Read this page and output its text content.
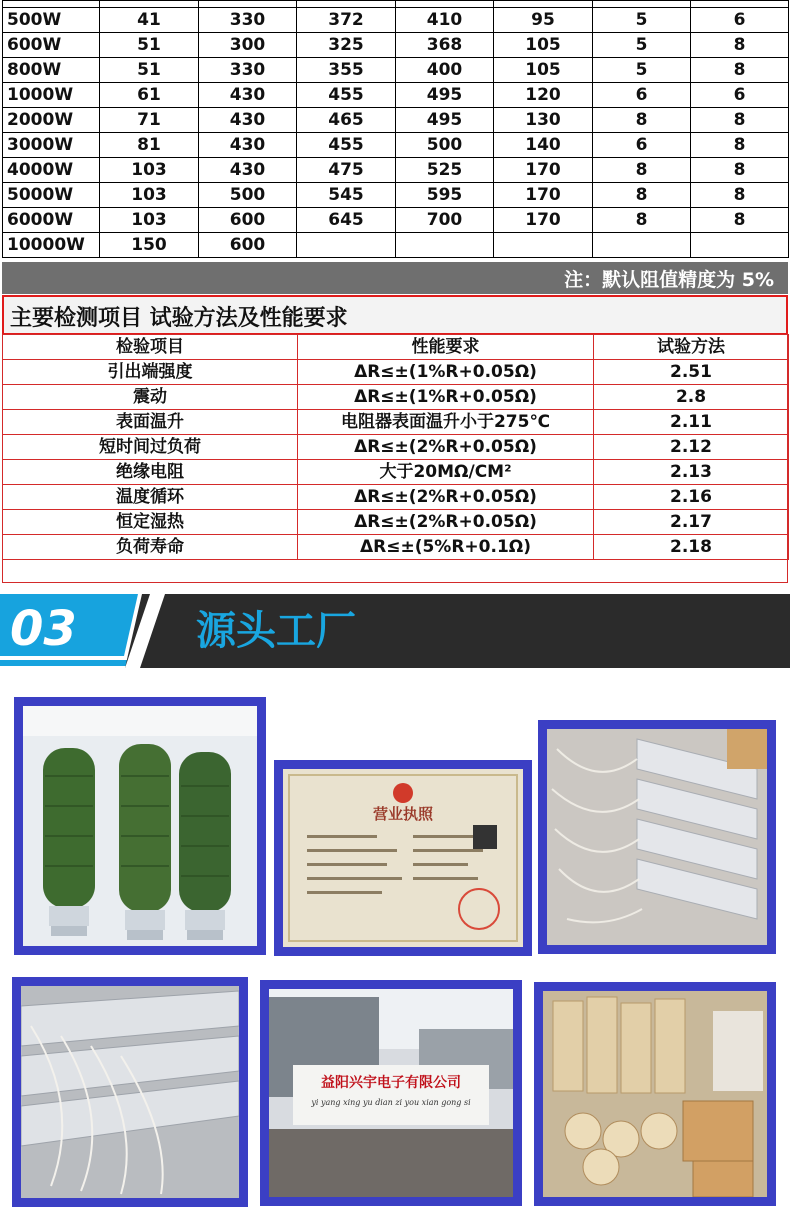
500W	41	330	372	410	95	5	6
600W	51	300	325	368	105	5	8
800W	51	330	355	400	105	5	8
1000W	61	430	455	495	120	6	6
2000W	71	430	465	495	130	8	8
3000W	81	430	455	500	140	6	8
4000W	103	430	475	525	170	8	8
5000W	103	500	545	595	170	8	8
6000W	103	600	645	700	170	8	8
10000W	150	600					
注：默认阻值精度为 5%
主要检测项目 试验方法及性能要求
检验项目	性能要求	试验方法
引出端强度	ΔR≤±(1%R+0.05Ω)	2.51
震动	ΔR≤±(1%R+0.05Ω)	2.8
表面温升	电阻器表面温升小于275℃	2.11
短时间过负荷	ΔR≤±(2%R+0.05Ω)	2.12
绝缘电阻	大于20MΩ/CM²	2.13
温度循环	ΔR≤±(2%R+0.05Ω)	2.16
恒定湿热	ΔR≤±(2%R+0.05Ω)	2.17
负荷寿命	ΔR≤±(5%R+0.1Ω)	2.18
03	源头工厂
营业执照
益阳兴宇电子有限公司
yi yang xing yu dian zi you xian gong si
